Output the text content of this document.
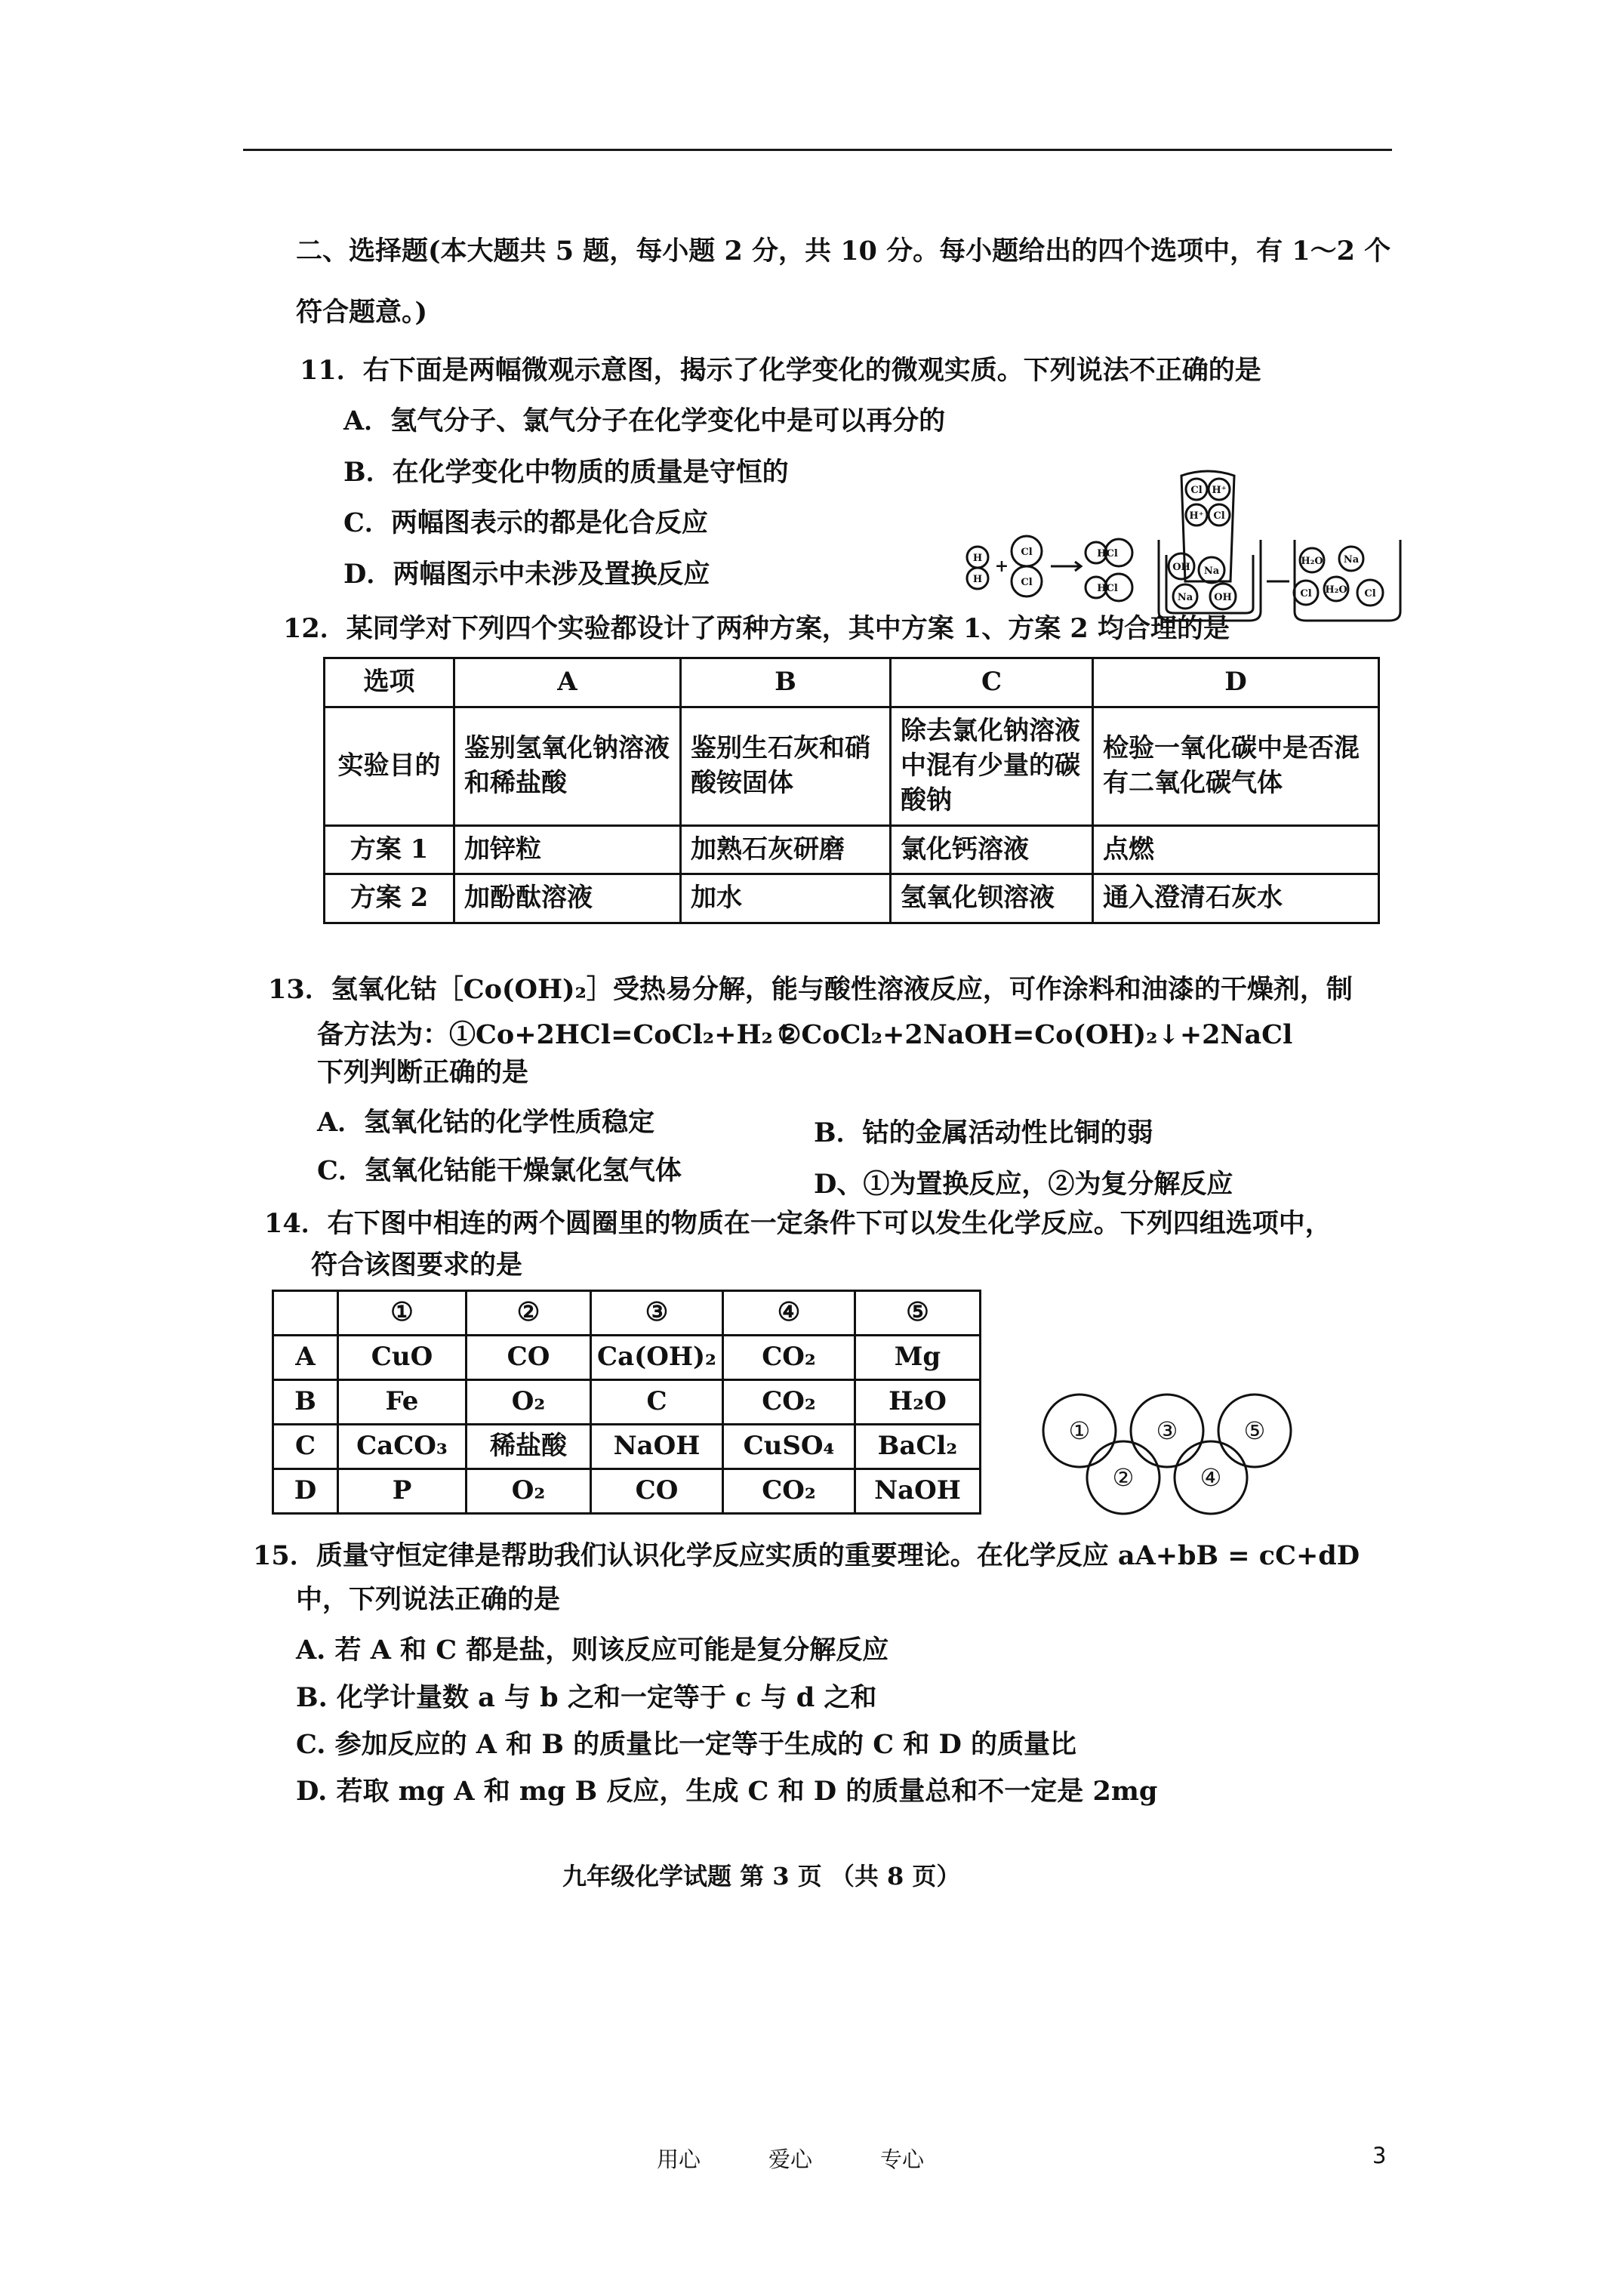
二、选择题(本大题共 5 题，每小题 2 分，共 10 分。每小题给出的四个选项中，有 1～2 个
符合题意。)
11．右下面是两幅微观示意图，揭示了化学变化的微观实质。下列说法不正确的是
A．氢气分子、氯气分子在化学变化中是可以再分的
B．在化学变化中物质的质量是守恒的
C．两幅图表示的都是化合反应
D．两幅图示中未涉及置换反应
H
H
Cl
Cl
+
HCl
HCl
Cl H⁺
H⁺ Cl
OH Na
Na OH
H₂O Na
Cl H₂O Cl
12．某同学对下列四个实验都设计了两种方案，其中方案 1、方案 2 均合理的是
选项	A	B	C	D
实验目的	鉴别氢氧化钠溶液和稀盐酸	鉴别生石灰和硝酸铵固体	除去氯化钠溶液中混有少量的碳酸钠	检验一氧化碳中是否混有二氧化碳气体
方案 1	加锌粒	加熟石灰研磨	氯化钙溶液	点燃
方案 2	加酚酞溶液	加水	氢氧化钡溶液	通入澄清石灰水
13．氢氧化钴［Co(OH)₂］受热易分解，能与酸性溶液反应，可作涂料和油漆的干燥剂，制
备方法为：①Co+2HCl=CoCl₂+H₂↑
②CoCl₂+2NaOH=Co(OH)₂↓+2NaCl
下列判断正确的是
A．氢氧化钴的化学性质稳定	B．钴的金属活动性比铜的弱
C．氢氧化钴能干燥氯化氢气体	D、①为置换反应，②为复分解反应
14．右下图中相连的两个圆圈里的物质在一定条件下可以发生化学反应。下列四组选项中，
符合该图要求的是
	①	②	③	④	⑤
A	CuO	CO	Ca(OH)₂	CO₂	Mg
B	Fe	O₂	C	CO₂	H₂O
C	CaCO₃	稀盐酸	NaOH	CuSO₄	BaCl₂
D	P	O₂	CO	CO₂	NaOH
①
②
③
④
⑤
15．质量守恒定律是帮助我们认识化学反应实质的重要理论。在化学反应 aA+bB = cC+dD
中，下列说法正确的是
A. 若 A 和 C 都是盐，则该反应可能是复分解反应
B. 化学计量数 a 与 b 之和一定等于 c 与 d 之和
C. 参加反应的 A 和 B 的质量比一定等于生成的 C 和 D 的质量比
D. 若取 mg A 和 mg B 反应，生成 C 和 D 的质量总和不一定是 2mg
九年级化学试题 第 3 页 （共 8 页）
用心	爱心	专心	3
